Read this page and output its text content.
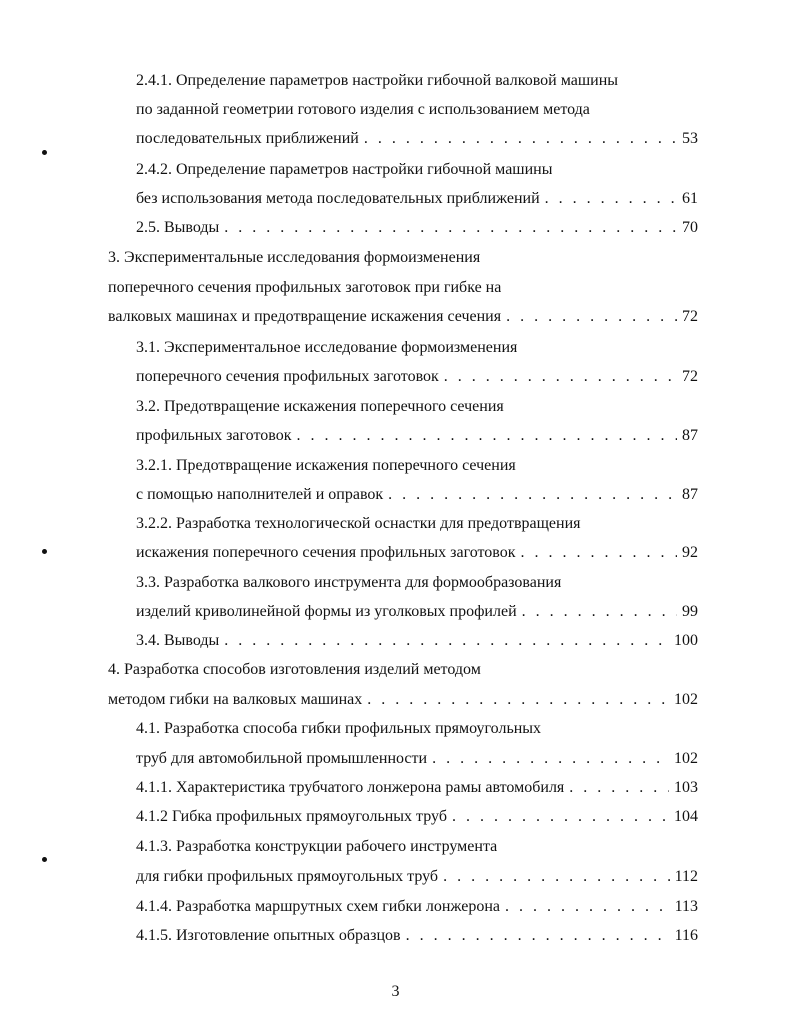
2.4.1. Определение параметров настройки гибочной валковой машины
по заданной геометрии готового изделия с использованием метода
последовательных приближений . . .	53
2.4.2. Определение параметров настройки гибочной машины
без использования метода последовательных приближений . . .	61
2.5. Выводы . . .	70
3. Экспериментальные исследования формоизменения
поперечного сечения профильных заготовок при гибке на
валковых машинах и предотвращение искажения сечения . . .	72
3.1. Экспериментальное исследование формоизменения
поперечного сечения профильных заготовок . . .	72
3.2. Предотвращение искажения поперечного сечения
профильных заготовок . . .	87
3.2.1. Предотвращение искажения поперечного сечения
с помощью наполнителей и оправок . . .	87
3.2.2. Разработка технологической оснастки для предотвращения
искажения поперечного сечения профильных заготовок . . .	92
3.3. Разработка валкового инструмента для формообразования
изделий криволинейной формы из уголковых профилей . . .	99
3.4. Выводы . . .	100
4. Разработка способов изготовления изделий методом
методом гибки на валковых машинах . . .	102
4.1. Разработка способа гибки профильных прямоугольных
труб для автомобильной промышленности . . .	102
4.1.1. Характеристика трубчатого лонжерона рамы автомобиля . . .	103
4.1.2 Гибка профильных прямоугольных труб . . .	104
4.1.3. Разработка конструкции рабочего инструмента
для гибки профильных прямоугольных труб . . .	112
4.1.4. Разработка маршрутных схем гибки лонжерона . . .	113
4.1.5. Изготовление опытных образцов . . .	116
3
